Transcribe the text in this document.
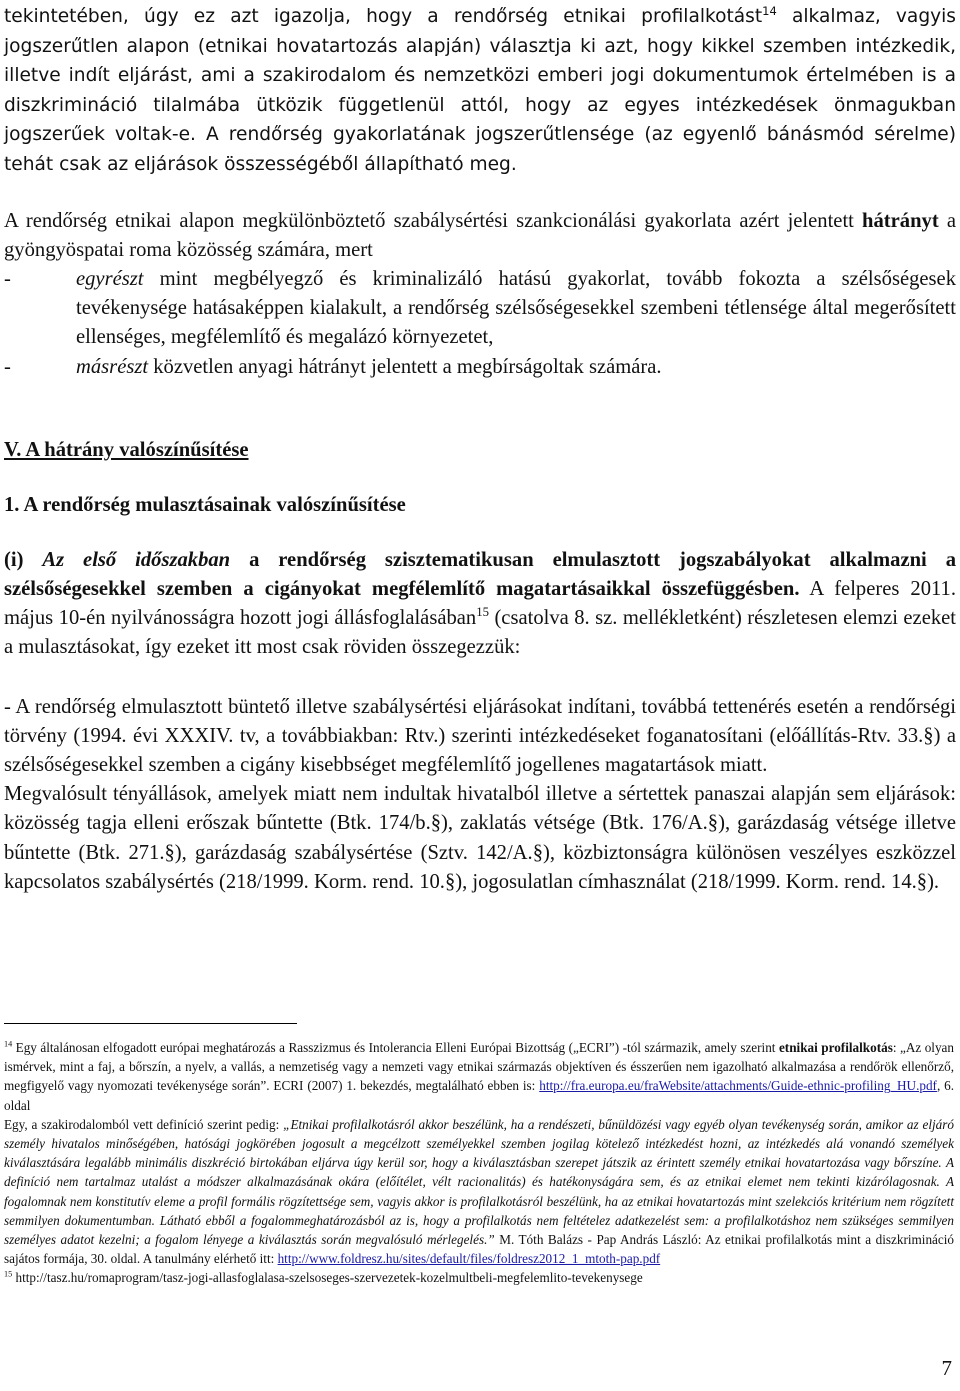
tekintetében, úgy ez azt igazolja, hogy a rendőrség etnikai profilalkotást$^{14}$ alkalmaz, vagyis jogszerűtlen alapon (etnikai hovatartozás alapján) választja ki azt, hogy kikkel szemben intézkedik, illetve indít eljárást, ami a szakirodalom és nemzetközi emberi jogi dokumentumok értelmében is a diszkrimináció tilalmába ütközik függetlenül attól, hogy az egyes intézkedések önmagukban jogszerűek voltak-e. A rendőrség gyakorlatának jogszerűtlensége (az egyenlő bánásmód sérelme) tehát csak az eljárások összességéből állapítható meg.

A rendőrség etnikai alapon megkülönböztető szabálysértési szankcionálási gyakorlata azért jelentett hátrányt a gyöngyöspatai roma közösség számára, mert

-	egyrészt mint megbélyegző és kriminalizáló hatású gyakorlat, tovább fokozta a szélsőségesek tevékenysége hatásaképpen kialakult, a rendőrség szélsőségesekkel szembeni tétlensége által megerősített ellenséges, megfélemlítő és megalázó környezetet,
-	másrészt közvetlen anyagi hátrányt jelentett a megbírságoltak számára.
V. A hátrány valószínűsítése
1. A rendőrség mulasztásainak valószínűsítése

(i) Az első időszakban a rendőrség szisztematikusan elmulasztott jogszabályokat alkalmazni a szélsőségesekkel szemben a cigányokat megfélemlítő magatartásaikkal összefüggésben. A felperes 2011. május 10-én nyilvánosságra hozott jogi állásfoglalásában$^{15}$ (csatolva 8. sz. mellékletként) részletesen elemzi ezeket a mulasztásokat, így ezeket itt most csak röviden összegezzük:

- A rendőrség elmulasztott büntető illetve szabálysértési eljárásokat indítani, továbbá tettenérés esetén a rendőrségi törvény (1994. évi XXXIV. tv, a továbbiakban: Rtv.) szerinti intézkedéseket foganatosítani (előállítás-Rtv. 33.§) a szélsőségesekkel szemben a cigány kisebbséget megfélemlítő jogellenes magatartások miatt.

Megvalósult tényállások, amelyek miatt nem indultak hivatalból illetve a sértettek panaszai alapján sem eljárások: közösség tagja elleni erőszak bűntette (Btk. 174/b.§), zaklatás vétsége (Btk. 176/A.§), garázdaság vétsége illetve bűntette (Btk. 271.§), garázdaság szabálysértése (Sztv. 142/A.§), közbiztonságra különösen veszélyes eszközzel kapcsolatos szabálysértés (218/1999. Korm. rend. 10.§), jogosulatlan címhasználat (218/1999. Korm. rend. 14.§).

$^{14}$ Egy általánosan elfogadott európai meghatározás a Rasszizmus és Intolerancia Elleni Európai Bizottság („ECRI”) -tól származik, amely szerint etnikai profilalkotás: „Az olyan ismérvek, mint a faj, a bőrszín, a nyelv, a vallás, a nemzetiség vagy a nemzeti vagy etnikai származás objektíven és ésszerűen nem igazolható alkalmazása a rendőrök ellenőrző, megfigyelő vagy nyomozati tevékenysége során”. ECRI (2007) 1. bekezdés, megtalálható ebben is: http://fra.europa.eu/fraWebsite/attachments/Guide-ethnic-profiling_HU.pdf, 6. oldal
Egy, a szakirodalomból vett definíció szerint pedig: „Etnikai profilalkotásról akkor beszélünk, ha a rendészeti, bűnüldözési vagy egyéb olyan tevékenység során, amikor az eljáró személy hivatalos minőségében, hatósági jogkörében jogosult a megcélzott személyekkel szemben jogilag kötelező intézkedést hozni, az intézkedés alá vonandó személyek kiválasztására legalább minimális diszkréció birtokában eljárva úgy kerül sor, hogy a kiválasztásban szerepet játszik az érintett személy etnikai hovatartozása vagy bőrszíne. A definíció nem tartalmaz utalást a módszer alkalmazásának okára (előítélet, vélt racionalitás) és hatékonyságára sem, és az etnikai elemet nem tekinti kizárólagosnak. A fogalomnak nem konstitutív eleme a profil formális rögzítettsége sem, vagyis akkor is profilalkotásról beszélünk, ha az etnikai hovatartozás mint szelekciós kritérium nem rögzített semmilyen dokumentumban. Látható ebből a fogalommeghatározásból az is, hogy a profilalkotás nem feltételez adatkezelést sem: a profilalkotáshoz nem szükséges semmilyen személyes adatot kezelni; a fogalom lényege a kiválasztás során megvalósuló mérlegelés.” M. Tóth Balázs - Pap András László: Az etnikai profilalkotás mint a diszkrimináció sajátos formája, 30. oldal. A tanulmány elérhető itt: http://www.foldresz.hu/sites/default/files/foldresz2012_1_mtoth-pap.pdf

$^{15}$ http://tasz.hu/romaprogram/tasz-jogi-allasfoglalasa-szelsoseges-szervezetek-kozelmultbeli-megfelemlito-tevekenysege

7
